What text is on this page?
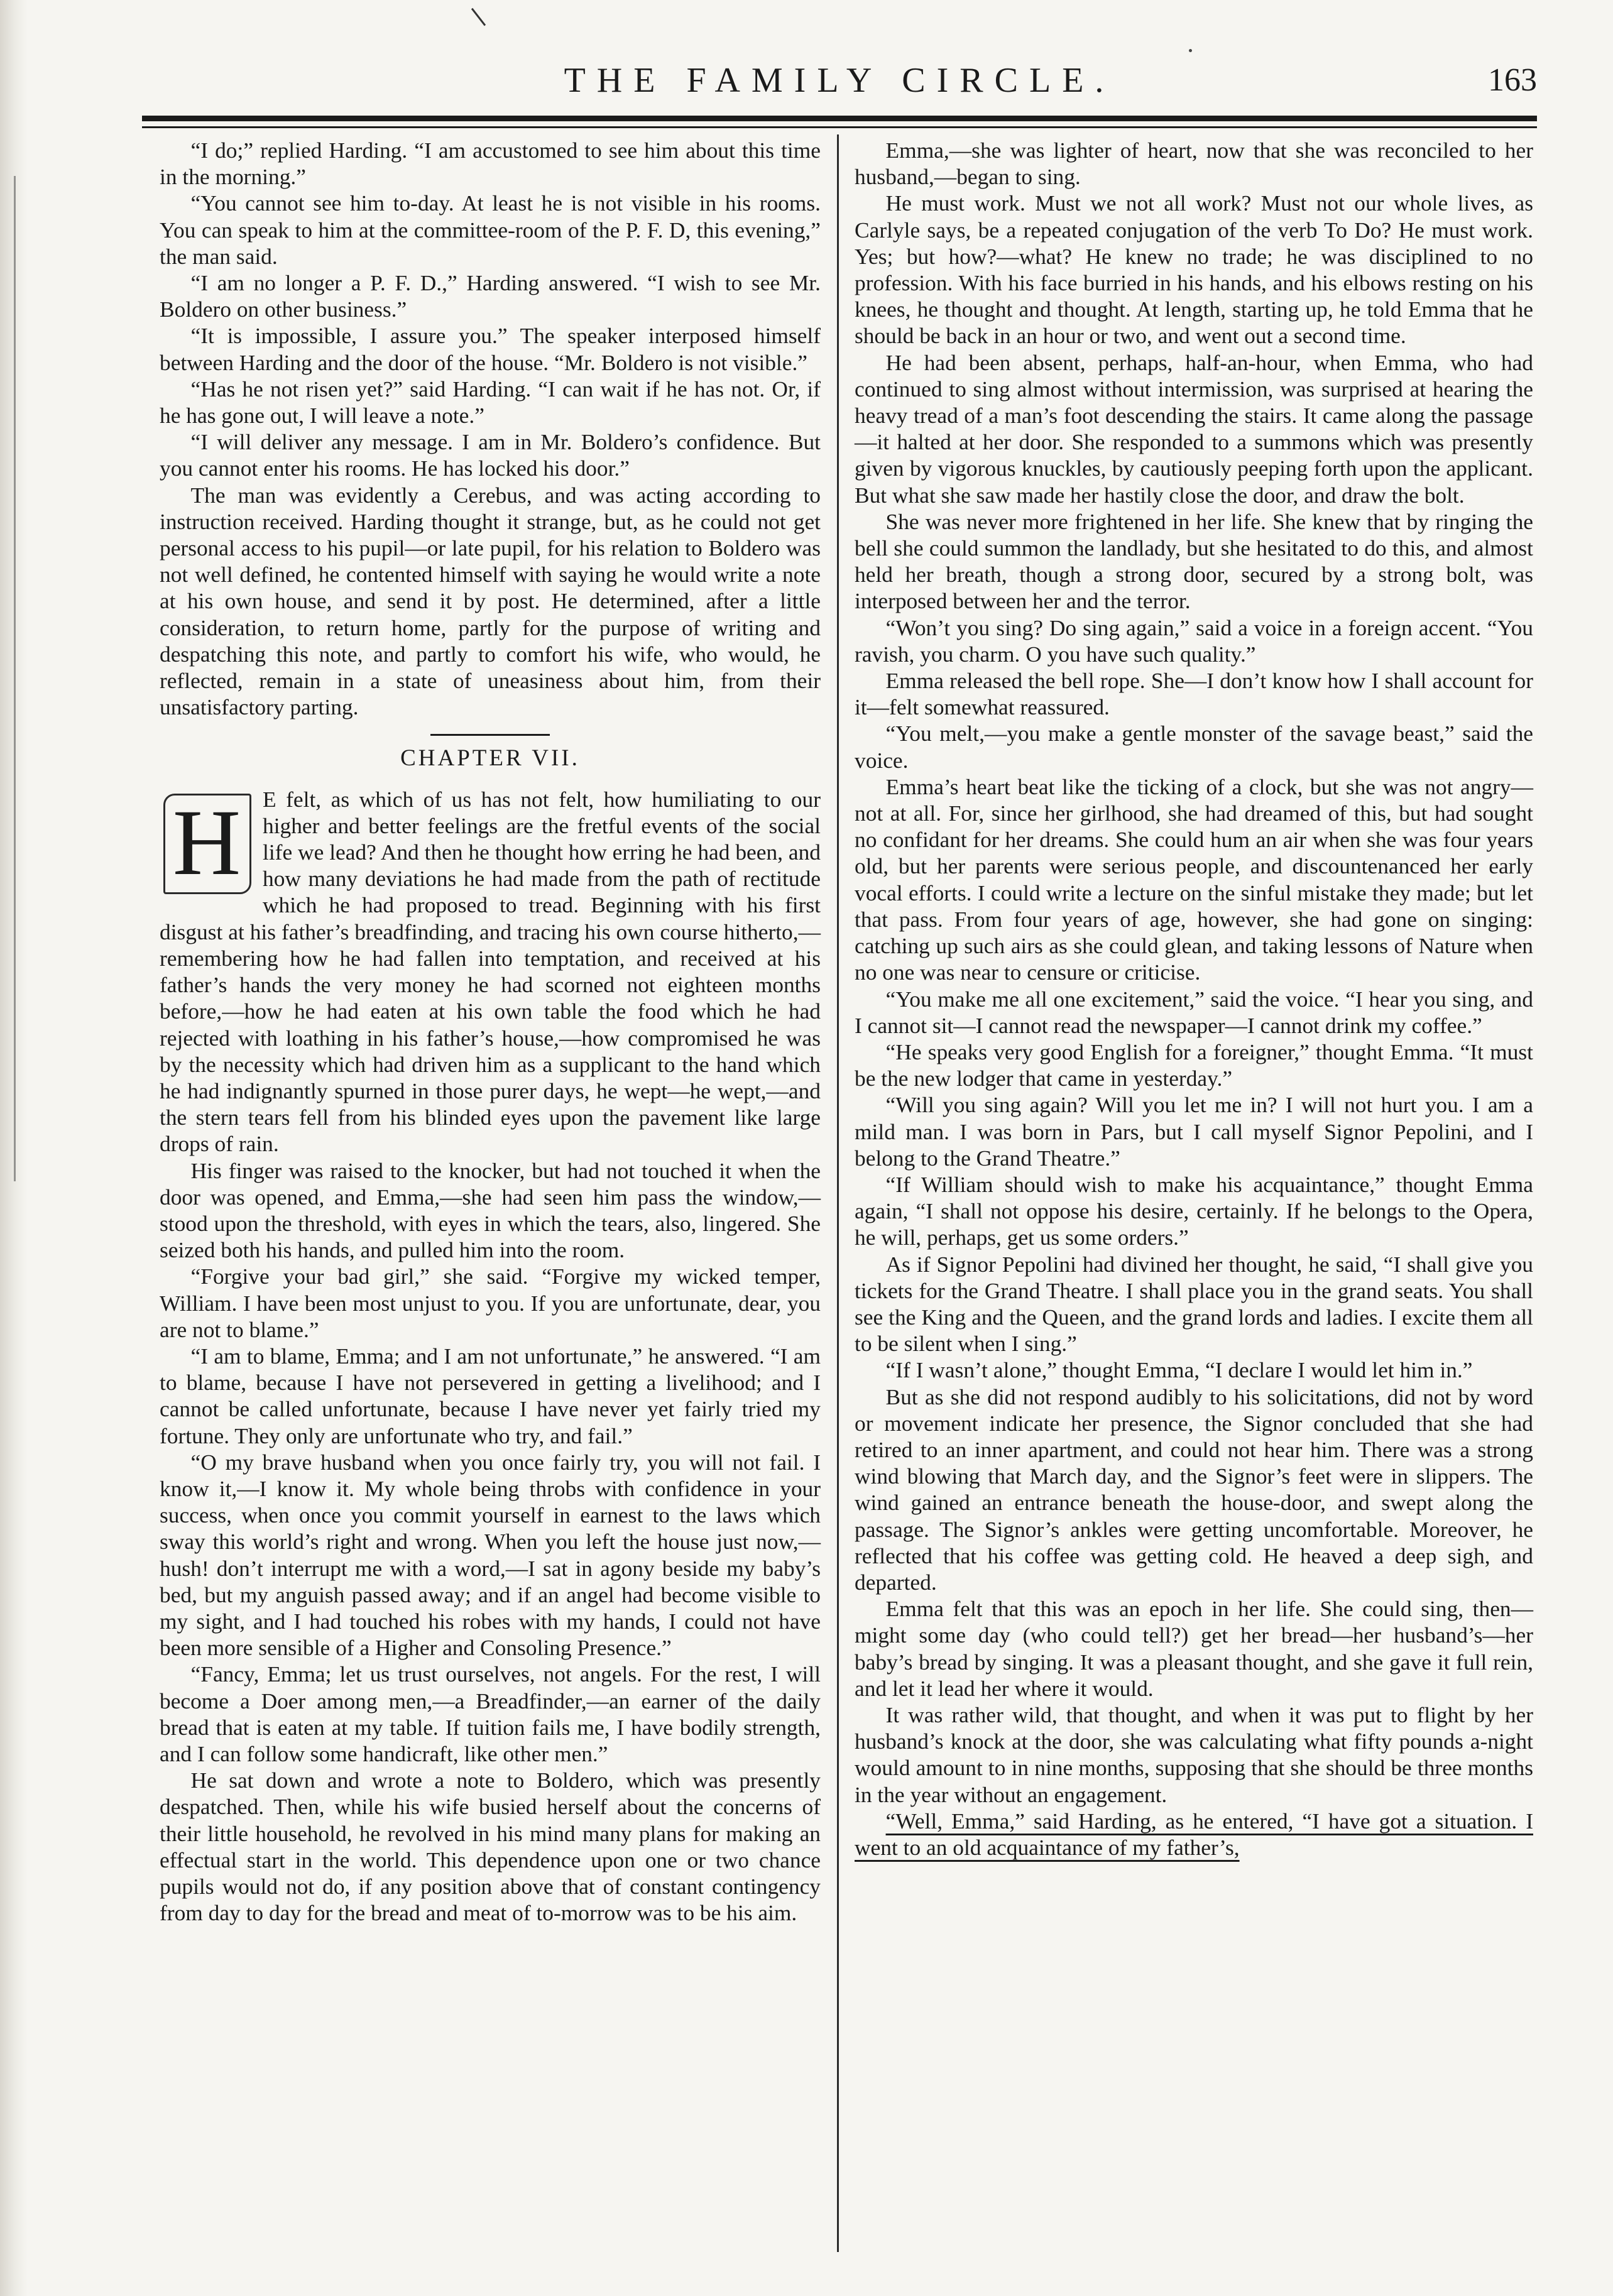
THE FAMILY CIRCLE.	163

“I do;” replied Harding. “I am accustomed to see him about this time in the morning.”

“You cannot see him to-day. At least he is not visible in his rooms. You can speak to him at the committee-room of the P. F. D, this evening,” the man said.

“I am no longer a P. F. D.,” Harding answered. “I wish to see Mr. Boldero on other business.”

“It is impossible, I assure you.” The speaker interposed himself between Harding and the door of the house. “Mr. Boldero is not visible.”

“Has he not risen yet?” said Harding. “I can wait if he has not. Or, if he has gone out, I will leave a note.”

“I will deliver any message. I am in Mr. Boldero’s confidence. But you cannot enter his rooms. He has locked his door.”

The man was evidently a Cerebus, and was acting according to instruction received. Harding thought it strange, but, as he could not get personal access to his pupil—or late pupil, for his relation to Boldero was not well defined, he contented himself with saying he would write a note at his own house, and send it by post. He determined, after a little consideration, to return home, partly for the purpose of writing and despatching this note, and partly to comfort his wife, who would, he reflected, remain in a state of uneasiness about him, from their unsatisfactory parting.

CHAPTER VII.

H E felt, as which of us has not felt, how humiliating to our higher and better feelings are the fretful events of the social life we lead? And then he thought how erring he had been, and how many deviations he had made from the path of rectitude which he had proposed to tread. Beginning with his first disgust at his father’s breadfinding, and tracing his own course hitherto,—remembering how he had fallen into temptation, and received at his father’s hands the very money he had scorned not eighteen months before,—how he had eaten at his own table the food which he had rejected with loathing in his father’s house,—how compromised he was by the necessity which had driven him as a supplicant to the hand which he had indignantly spurned in those purer days, he wept—he wept,—and the stern tears fell from his blinded eyes upon the pavement like large drops of rain.

His finger was raised to the knocker, but had not touched it when the door was opened, and Emma,—she had seen him pass the window,—stood upon the threshold, with eyes in which the tears, also, lingered. She seized both his hands, and pulled him into the room.

“Forgive your bad girl,” she said. “Forgive my wicked temper, William. I have been most unjust to you. If you are unfortunate, dear, you are not to blame.”

“I am to blame, Emma; and I am not unfortunate,” he answered. “I am to blame, because I have not persevered in getting a livelihood; and I cannot be called unfortunate, because I have never yet fairly tried my fortune. They only are unfortunate who try, and fail.”

“O my brave husband when you once fairly try, you will not fail. I know it,—I know it. My whole being throbs with confidence in your success, when once you commit yourself in earnest to the laws which sway this world’s right and wrong. When you left the house just now,—hush! don’t interrupt me with a word,—I sat in agony beside my baby’s bed, but my anguish passed away; and if an angel had become visible to my sight, and I had touched his robes with my hands, I could not have been more sensible of a Higher and Consoling Presence.”

“Fancy, Emma; let us trust ourselves, not angels. For the rest, I will become a Doer among men,—a Breadfinder,—an earner of the daily bread that is eaten at my table. If tuition fails me, I have bodily strength, and I can follow some handicraft, like other men.”

He sat down and wrote a note to Boldero, which was presently despatched. Then, while his wife busied herself about the concerns of their little household, he revolved in his mind many plans for making an effectual start in the world. This dependence upon one or two chance pupils would not do, if any position above that of constant contingency from day to day for the bread and meat of to-morrow was to be his aim.

Emma,—she was lighter of heart, now that she was reconciled to her husband,—began to sing.

He must work. Must we not all work? Must not our whole lives, as Carlyle says, be a repeated conjugation of the verb To Do? He must work. Yes; but how?—what? He knew no trade; he was disciplined to no profession. With his face burried in his hands, and his elbows resting on his knees, he thought and thought. At length, starting up, he told Emma that he should be back in an hour or two, and went out a second time.

He had been absent, perhaps, half-an-hour, when Emma, who had continued to sing almost without intermission, was surprised at hearing the heavy tread of a man’s foot descending the stairs. It came along the passage—it halted at her door. She responded to a summons which was presently given by vigorous knuckles, by cautiously peeping forth upon the applicant. But what she saw made her hastily close the door, and draw the bolt.

She was never more frightened in her life. She knew that by ringing the bell she could summon the landlady, but she hesitated to do this, and almost held her breath, though a strong door, secured by a strong bolt, was interposed between her and the terror.

“Won’t you sing? Do sing again,” said a voice in a foreign accent. “You ravish, you charm. O you have such quality.”

Emma released the bell rope. She—I don’t know how I shall account for it—felt somewhat reassured.

“You melt,—you make a gentle monster of the savage beast,” said the voice.

Emma’s heart beat like the ticking of a clock, but she was not angry—not at all. For, since her girlhood, she had dreamed of this, but had sought no confidant for her dreams. She could hum an air when she was four years old, but her parents were serious people, and discountenanced her early vocal efforts. I could write a lecture on the sinful mistake they made; but let that pass. From four years of age, however, she had gone on singing: catching up such airs as she could glean, and taking lessons of Nature when no one was near to censure or criticise.

“You make me all one excitement,” said the voice. “I hear you sing, and I cannot sit—I cannot read the newspaper—I cannot drink my coffee.”

“He speaks very good English for a foreigner,” thought Emma. “It must be the new lodger that came in yesterday.”

“Will you sing again? Will you let me in? I will not hurt you. I am a mild man. I was born in Pars, but I call myself Signor Pepolini, and I belong to the Grand Theatre.”

“If William should wish to make his acquaintance,” thought Emma again, “I shall not oppose his desire, certainly. If he belongs to the Opera, he will, perhaps, get us some orders.”

As if Signor Pepolini had divined her thought, he said, “I shall give you tickets for the Grand Theatre. I shall place you in the grand seats. You shall see the King and the Queen, and the grand lords and ladies. I excite them all to be silent when I sing.”

“If I wasn’t alone,” thought Emma, “I declare I would let him in.”

But as she did not respond audibly to his solicitations, did not by word or movement indicate her presence, the Signor concluded that she had retired to an inner apartment, and could not hear him. There was a strong wind blowing that March day, and the Signor’s feet were in slippers. The wind gained an entrance beneath the house-door, and swept along the passage. The Signor’s ankles were getting uncomfortable. Moreover, he reflected that his coffee was getting cold. He heaved a deep sigh, and departed.

Emma felt that this was an epoch in her life. She could sing, then—might some day (who could tell?) get her bread—her husband’s—her baby’s bread by singing. It was a pleasant thought, and she gave it full rein, and let it lead her where it would.

It was rather wild, that thought, and when it was put to flight by her husband’s knock at the door, she was calculating what fifty pounds a-night would amount to in nine months, supposing that she should be three months in the year without an engagement.

“Well, Emma,” said Harding, as he entered, “I have got a situation. I went to an old acquaintance of my father’s,
